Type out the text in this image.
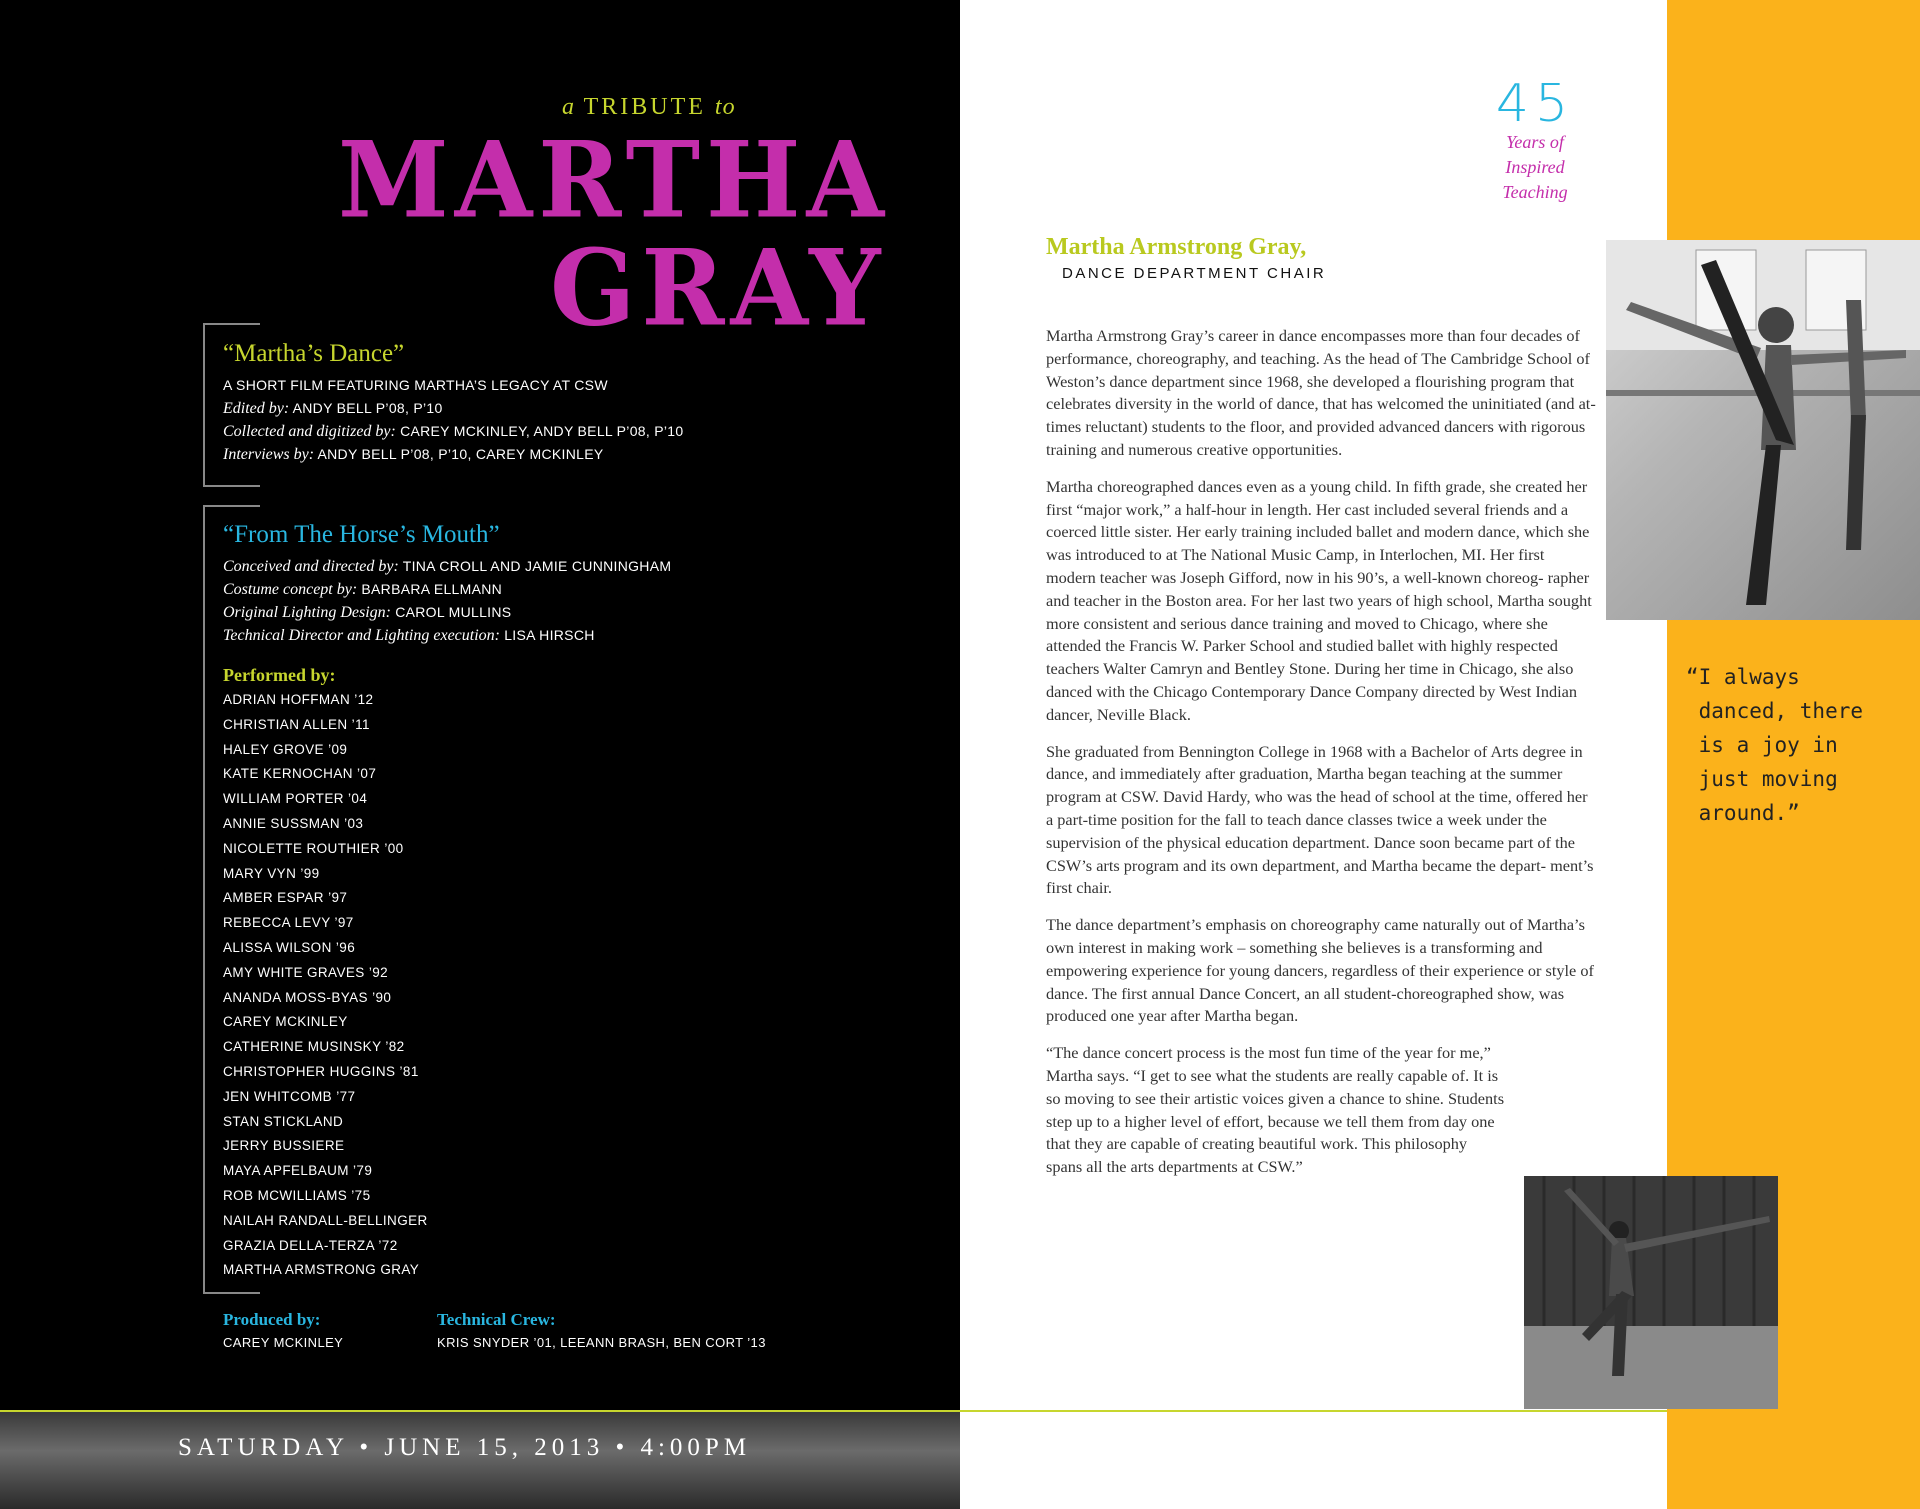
a TRIBUTE to
MARTHA
GRAY
“Martha’s Dance”
A SHORT FILM FEATURING MARTHA’S LEGACY AT CSW
Edited by: ANDY BELL P’08, P’10
Collected and digitized by: CAREY MCKINLEY, ANDY BELL P’08, P’10
Interviews by: ANDY BELL P’08, P’10, CAREY MCKINLEY
“From The Horse’s Mouth”
Conceived and directed by: TINA CROLL AND JAMIE CUNNINGHAM
Costume concept by: BARBARA ELLMANN
Original Lighting Design: CAROL MULLINS
Technical Director and Lighting execution: LISA HIRSCH
Performed by:
ADRIAN HOFFMAN ’12
CHRISTIAN ALLEN ’11
HALEY GROVE ’09
KATE KERNOCHAN ’07
WILLIAM PORTER ’04
ANNIE SUSSMAN ’03
NICOLETTE ROUTHIER ’00
MARY VYN ’99
AMBER ESPAR ’97
REBECCA LEVY ’97
ALISSA WILSON ’96
AMY WHITE GRAVES ’92
ANANDA MOSS-BYAS ’90
CAREY MCKINLEY
CATHERINE MUSINSKY ’82
CHRISTOPHER HUGGINS ’81
JEN WHITCOMB ’77
STAN STICKLAND
JERRY BUSSIERE
MAYA APFELBAUM ’79
ROB MCWILLIAMS ’75
NAILAH RANDALL-BELLINGER
GRAZIA DELLA-TERZA ’72
MARTHA ARMSTRONG GRAY
Produced by:
CAREY MCKINLEY
Technical Crew:
KRIS SNYDER ’01, LEEANN BRASH, BEN CORT ’13
SATURDAY • JUNE 15, 2013 • 4:00PM
45
Years of
Inspired
Teaching
Martha Armstrong Gray,
DANCE DEPARTMENT CHAIR

Martha Armstrong Gray’s career in dance encompasses more than four decades of performance, choreography, and teaching. As the head of The Cambridge School of Weston’s dance department since 1968, she developed a flourishing program that celebrates diversity in the world of dance, that has welcomed the uninitiated (and at-times reluctant) students to the floor, and provided advanced dancers with rigorous training and numerous creative opportunities.

Martha choreographed dances even as a young child. In fifth grade, she created her first “major work,” a half-hour in length. Her cast included several friends and a coerced little sister. Her early training included ballet and modern dance, which she was introduced to at The National Music Camp, in Interlochen, MI. Her first modern teacher was Joseph Gifford, now in his 90’s, a well-known choreog- rapher and teacher in the Boston area. For her last two years of high school, Martha sought more consistent and serious dance training and moved to Chicago, where she attended the Francis W. Parker School and studied ballet with highly respected teachers Walter Camryn and Bentley Stone. During her time in Chicago, she also danced with the Chicago Contemporary Dance Company directed by West Indian dancer, Neville Black.

She graduated from Bennington College in 1968 with a Bachelor of Arts degree in dance, and immediately after graduation, Martha began teaching at the summer program at CSW. David Hardy, who was the head of school at the time, offered her a part-time position for the fall to teach dance classes twice a week under the supervision of the physical education department. Dance soon became part of the CSW’s arts program and its own department, and Martha became the depart- ment’s first chair.

The dance department’s emphasis on choreography came naturally out of Martha’s own interest in making work – something she believes is a transforming and empowering experience for young dancers, regardless of their experience or style of dance. The first annual Dance Concert, an all student-choreographed show, was produced one year after Martha began.

“The dance concert process is the most fun time of the year for me,” Martha says. “I get to see what the students are really capable of. It is so moving to see their artistic voices given a chance to shine. Students step up to a higher level of effort, because we tell them from day one that they are capable of creating beautiful work. This philosophy spans all the arts departments at CSW.”

“I always
danced, there
is a joy in
just moving
around.”
